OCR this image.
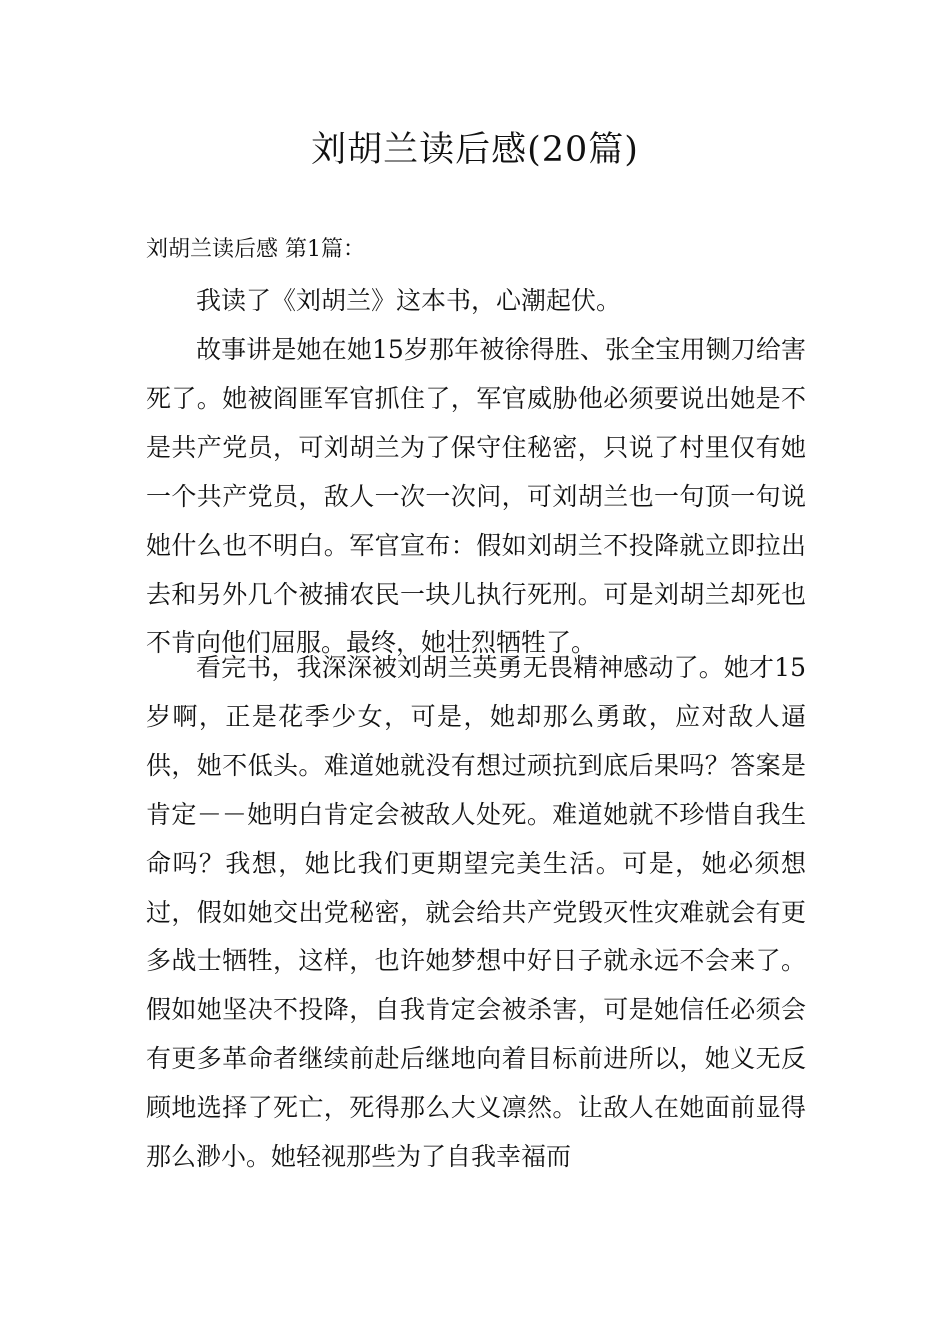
刘胡兰读后感(20篇)
刘胡兰读后感 第1篇：

我读了《刘胡兰》这本书，心潮起伏。

故事讲是她在她15岁那年被徐得胜、张全宝用铡刀给害死了。她被阎匪军官抓住了，军官威胁他必须要说出她是不是共产党员，可刘胡兰为了保守住秘密，只说了村里仅有她一个共产党员，敌人一次一次问，可刘胡兰也一句顶一句说她什么也不明白。军官宣布：假如刘胡兰不投降就立即拉出去和另外几个被捕农民一块儿执行死刑。可是刘胡兰却死也不肯向他们屈服。最终，她壮烈牺牲了。

看完书，我深深被刘胡兰英勇无畏精神感动了。她才15岁啊，正是花季少女，可是，她却那么勇敢，应对敌人逼供，她不低头。难道她就没有想过顽抗到底后果吗？答案是肯定－－她明白肯定会被敌人处死。难道她就不珍惜自我生命吗？我想，她比我们更期望完美生活。可是，她必须想过，假如她交出党秘密，就会给共产党毁灭性灾难就会有更多战士牺牲，这样，也许她梦想中好日子就永远不会来了。假如她坚决不投降，自我肯定会被杀害，可是她信任必须会有更多革命者继续前赴后继地向着目标前进所以，她义无反顾地选择了死亡，死得那么大义凛然。让敌人在她面前显得那么渺小。她轻视那些为了自我幸福而
